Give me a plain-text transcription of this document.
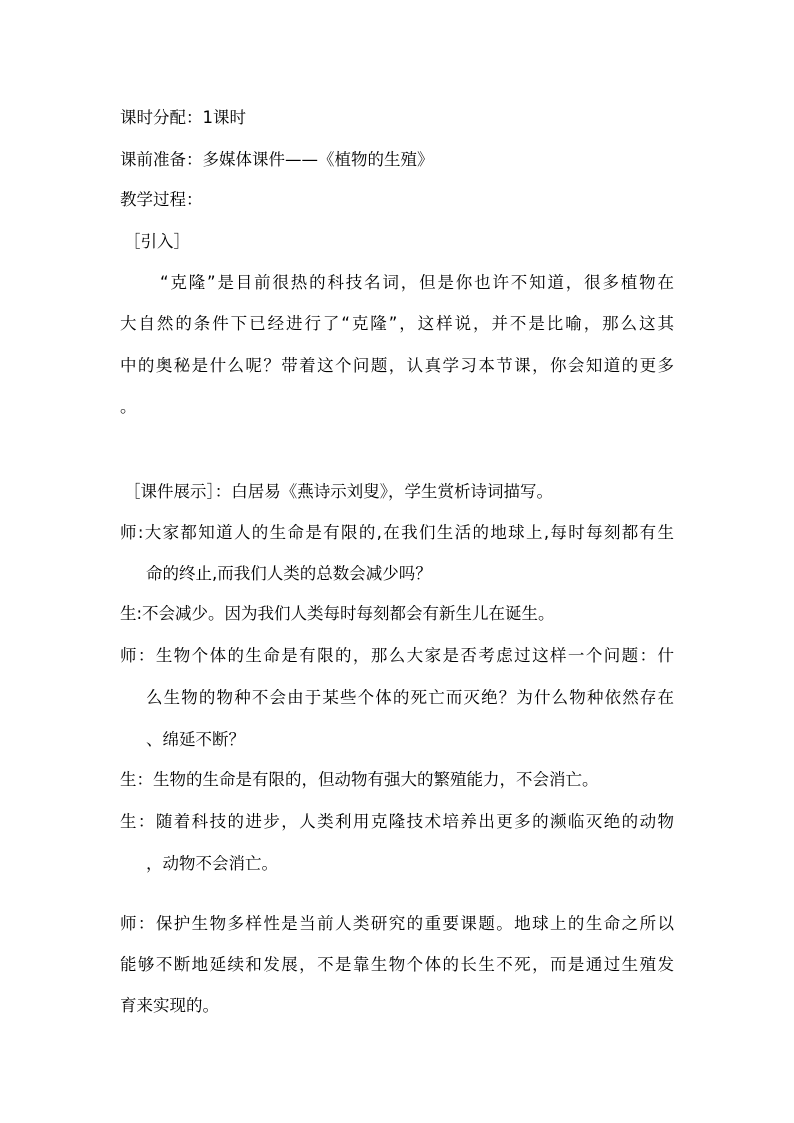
课时分配：1课时
课前准备：多媒体课件——《植物的生殖》
教学过程：
［引入］
“克隆”是目前很热的科技名词，但是你也许不知道，很多植物在
大自然的条件下已经进行了“克隆”，这样说，并不是比喻，那么这其
中的奥秘是什么呢？带着这个问题，认真学习本节课，你会知道的更多
。
［课件展示］：白居易《燕诗示刘叟》，学生赏析诗词描写。
师:大家都知道人的生命是有限的,在我们生活的地球上,每时每刻都有生
命的终止,而我们人类的总数会减少吗？
生:不会减少。因为我们人类每时每刻都会有新生儿在诞生。
师：生物个体的生命是有限的，那么大家是否考虑过这样一个问题：什
么生物的物种不会由于某些个体的死亡而灭绝？为什么物种依然存在
、绵延不断？
生：生物的生命是有限的，但动物有强大的繁殖能力，不会消亡。
生：随着科技的进步，人类利用克隆技术培养出更多的濒临灭绝的动物
，动物不会消亡。
师：保护生物多样性是当前人类研究的重要课题。地球上的生命之所以
能够不断地延续和发展，不是靠生物个体的长生不死，而是通过生殖发
育来实现的。
